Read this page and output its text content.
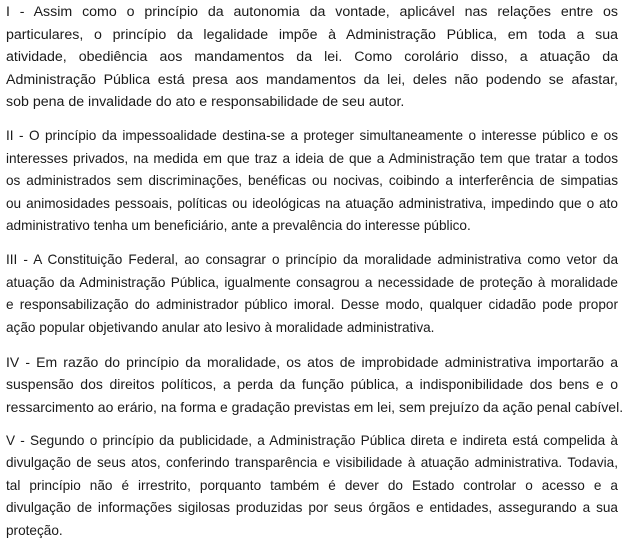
I - Assim como o princípio da autonomia da vontade, aplicável nas relações entre os
particulares, o princípio da legalidade impõe à Administração Pública, em toda a sua
atividade, obediência aos mandamentos da lei. Como corolário disso, a atuação da
Administração Pública está presa aos mandamentos da lei, deles não podendo se afastar,
sob pena de invalidade do ato e responsabilidade de seu autor.

II - O princípio da impessoalidade destina-se a proteger simultaneamente o interesse público e os
interesses privados, na medida em que traz a ideia de que a Administração tem que tratar a todos
os administrados sem discriminações, benéficas ou nocivas, coibindo a interferência de simpatias
ou animosidades pessoais, políticas ou ideológicas na atuação administrativa, impedindo que o ato
administrativo tenha um beneficiário, ante a prevalência do interesse público.

III - A Constituição Federal, ao consagrar o princípio da moralidade administrativa como vetor da
atuação da Administração Pública, igualmente consagrou a necessidade de proteção à moralidade
e responsabilização do administrador público imoral. Desse modo, qualquer cidadão pode propor
ação popular objetivando anular ato lesivo à moralidade administrativa.

IV - Em razão do princípio da moralidade, os atos de improbidade administrativa importarão a
suspensão dos direitos políticos, a perda da função pública, a indisponibilidade dos bens e o
ressarcimento ao erário, na forma e gradação previstas em lei, sem prejuízo da ação penal cabível.

V - Segundo o princípio da publicidade, a Administração Pública direta e indireta está compelida à
divulgação de seus atos, conferindo transparência e visibilidade à atuação administrativa. Todavia,
tal princípio não é irrestrito, porquanto também é dever do Estado controlar o acesso e a
divulgação de informações sigilosas produzidas por seus órgãos e entidades, assegurando a sua
proteção.
